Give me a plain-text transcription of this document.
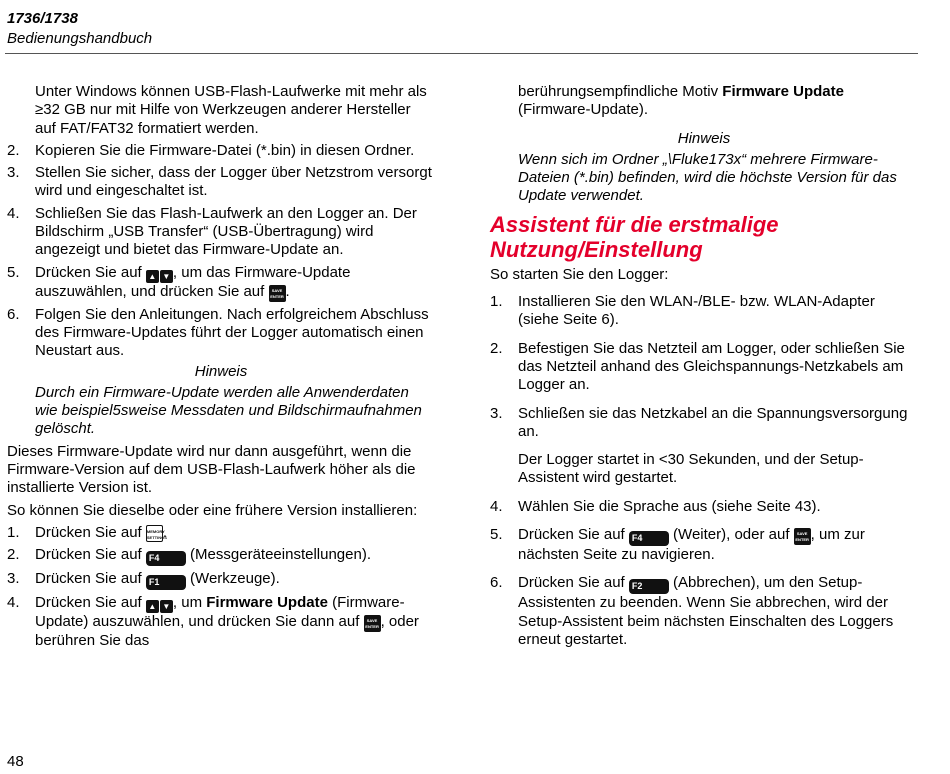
1736/1738
Bedienungshandbuch

Unter Windows können USB-Flash-Laufwerke mit mehr als ≥32 GB nur mit Hilfe von Werkzeugen anderer Hersteller auf FAT/FAT32 formatiert werden.

2. Kopieren Sie die Firmware-Datei (*.bin) in diesen Ordner.

3. Stellen Sie sicher, dass der Logger über Netzstrom versorgt wird und eingeschaltet ist.

4. Schließen Sie das Flash-Laufwerk an den Logger an. Der Bildschirm „USB Transfer“ (USB-Übertragung) wird angezeigt und bietet das Firmware-Update an.

5. Drücken Sie auf ▲ ▼ , um das Firmware-Update auszuwählen, und drücken Sie auf SAVE
ENTER .

6. Folgen Sie den Anleitungen. Nach erfolgreichem Abschluss des Firmware-Updates führt der Logger automatisch einen Neustart aus.

Hinweis

Durch ein Firmware-Update werden alle Anwenderdaten wie beispiel5sweise Messdaten und Bildschirmaufnahmen gelöscht.

Dieses Firmware-Update wird nur dann ausgeführt, wenn die Firmware-Version auf dem USB-Flash-Laufwerk höher als die installierte Version ist.

So können Sie dieselbe oder eine frühere Version installieren:

1. Drücken Sie auf MEMORY
SETTINGS.

2. Drücken Sie auf F4 (Messgeräteeinstellungen).

3. Drücken Sie auf F1 (Werkzeuge).

4. Drücken Sie auf ▲ ▼ , um Firmware Update (Firmware-Update) auszuwählen, und drücken Sie dann auf SAVE
ENTER , oder berühren Sie das

berührungsempfindliche Motiv Firmware Update (Firmware-Update).

Hinweis

Wenn sich im Ordner „\Fluke173x“ mehrere Firmware-Dateien (*.bin) befinden, wird die höchste Version für das Update verwendet.

Assistent für die erstmalige Nutzung/Einstellung

So starten Sie den Logger:

1. Installieren Sie den WLAN-/BLE- bzw. WLAN-Adapter (siehe Seite 6).

2. Befestigen Sie das Netzteil am Logger, oder schließen Sie das Netzteil anhand des Gleichspannungs-Netzkabels am Logger an.

3. Schließen sie das Netzkabel an die Spannungsversorgung an.

Der Logger startet in <30 Sekunden, und der Setup-Assistent wird gestartet.

4. Wählen Sie die Sprache aus (siehe Seite 43).

5. Drücken Sie auf F4 (Weiter), oder auf SAVE
ENTER , um zur nächsten Seite zu navigieren.

6. Drücken Sie auf F2 (Abbrechen), um den Setup-Assistenten zu beenden. Wenn Sie abbrechen, wird der Setup-Assistent beim nächsten Einschalten des Loggers erneut gestartet.

48
